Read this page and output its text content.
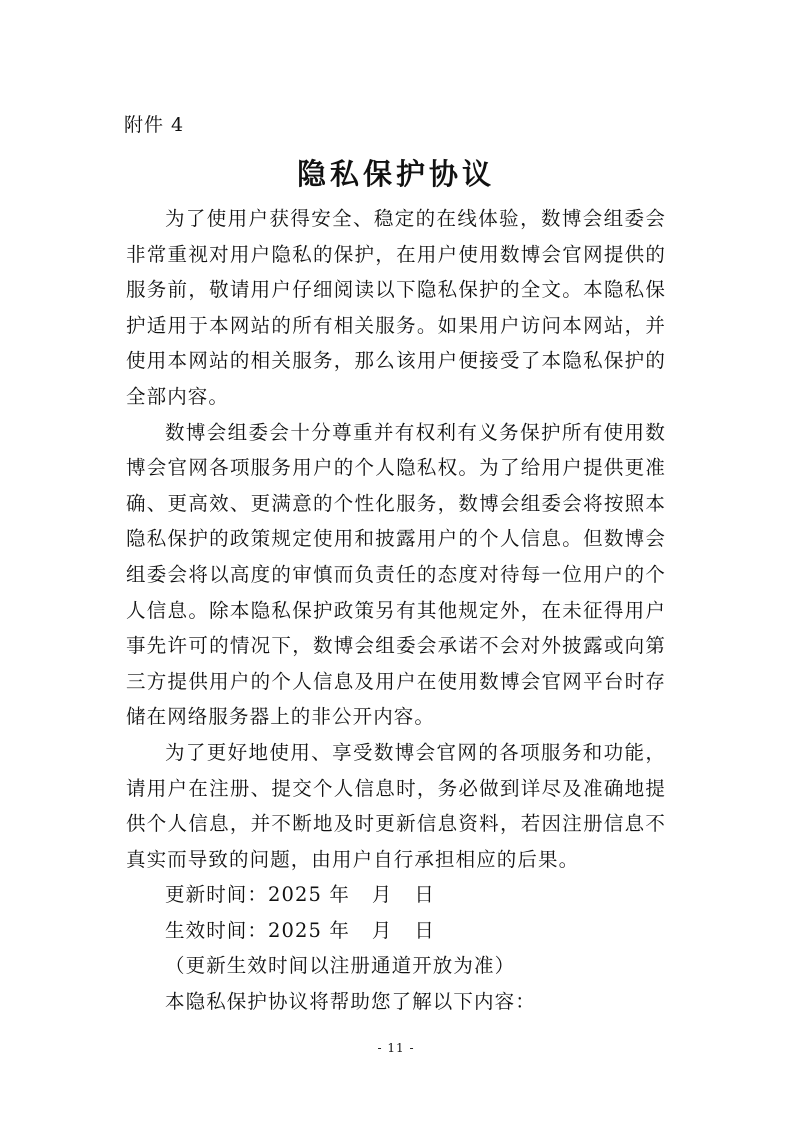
附件 4
隐私保护协议

为了使用户获得安全、稳定的在线体验，数博会组委会非常重视对用户隐私的保护，在用户使用数博会官网提供的服务前，敬请用户仔细阅读以下隐私保护的全文。本隐私保护适用于本网站的所有相关服务。如果用户访问本网站，并使用本网站的相关服务，那么该用户便接受了本隐私保护的全部内容。

数博会组委会十分尊重并有权利有义务保护所有使用数博会官网各项服务用户的个人隐私权。为了给用户提供更准确、更高效、更满意的个性化服务，数博会组委会将按照本隐私保护的政策规定使用和披露用户的个人信息。但数博会组委会将以高度的审慎而负责任的态度对待每一位用户的个人信息。除本隐私保护政策另有其他规定外，在未征得用户事先许可的情况下，数博会组委会承诺不会对外披露或向第三方提供用户的个人信息及用户在使用数博会官网平台时存储在网络服务器上的非公开内容。

为了更好地使用、享受数博会官网的各项服务和功能，请用户在注册、提交个人信息时，务必做到详尽及准确地提供个人信息，并不断地及时更新信息资料，若因注册信息不真实而导致的问题，由用户自行承担相应的后果。

更新时间：2025 年   月   日

生效时间：2025 年   月   日

（更新生效时间以注册通道开放为准）

本隐私保护协议将帮助您了解以下内容：

- 11 -
